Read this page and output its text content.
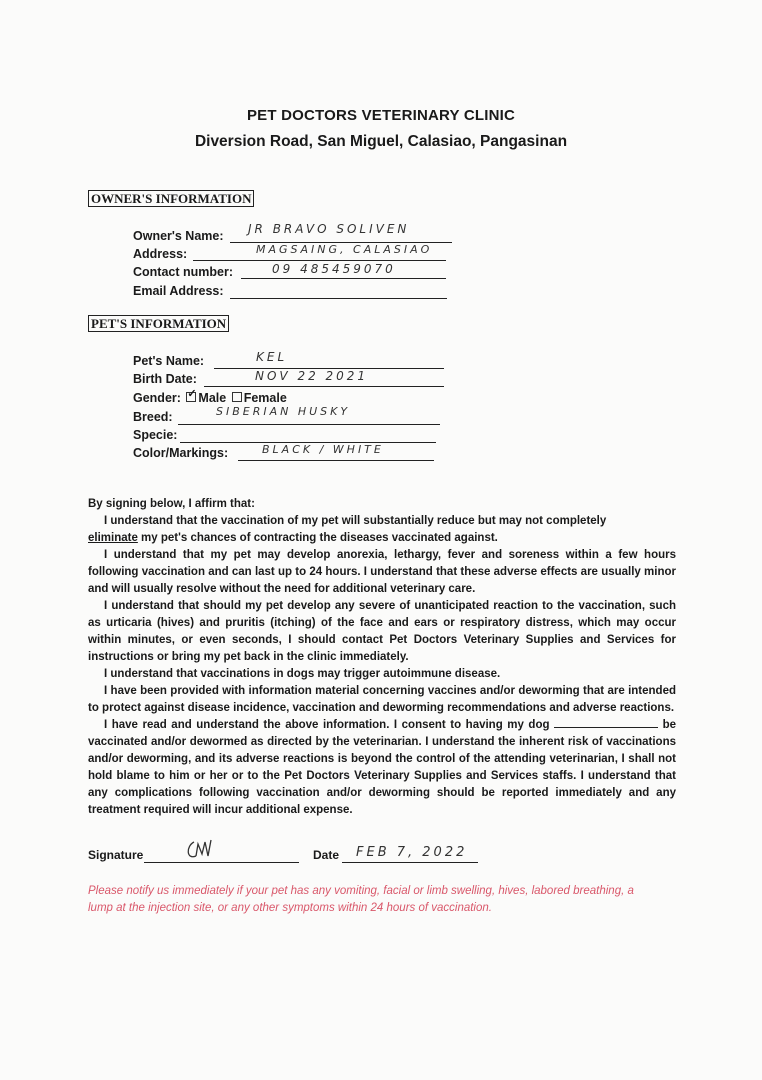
PET DOCTORS VETERINARY CLINIC
Diversion Road, San Miguel, Calasiao, Pangasinan
OWNER'S INFORMATION
Owner's Name: JR BRAVO SOLIVEN
Address:	MAGSAING, CALASIAO
Contact number:	09 485459070
Email Address:
PET'S INFORMATION
Pet's Name:	KEL
Birth Date:	NOV 22 2021
Gender: ✓ Male Female
Breed:	SIBERIAN HUSKY
Specie:
Color/Markings:	BLACK / WHITE

By signing below, I affirm that:

I understand that the vaccination of my pet will substantially reduce but may not completely
eliminate my pet's chances of contracting the diseases vaccinated against.

I understand that my pet may develop anorexia, lethargy, fever and soreness within a few hours following vaccination and can last up to 24 hours. I understand that these adverse effects are usually minor and will usually resolve without the need for additional veterinary care.

I understand that should my pet develop any severe of unanticipated reaction to the vaccination, such as urticaria (hives) and pruritis (itching) of the face and ears or respiratory distress, which may occur within minutes, or even seconds, I should contact Pet Doctors Veterinary Supplies and Services for instructions or bring my pet back in the clinic immediately.

I understand that vaccinations in dogs may trigger autoimmune disease.

I have been provided with information material concerning vaccines and/or deworming that are intended to protect against disease incidence, vaccination and deworming recommendations and adverse reactions.

I have read and understand the above information. I consent to having my dog	be vaccinated and/or dewormed as directed by the veterinarian. I understand the inherent risk of vaccinations and/or deworming, and its adverse reactions is beyond the control of the attending veterinarian, I shall not hold blame to him or her or to the Pet Doctors Veterinary Supplies and Services staffs. I understand that any complications following vaccination and/or deworming should be reported immediately and any treatment required will incur additional expense.

Signature	Date FEB 7, 2022
Please notify us immediately if your pet has any vomiting, facial or limb swelling, hives, labored breathing, a lump at the injection site, or any other symptoms within 24 hours of vaccination.
